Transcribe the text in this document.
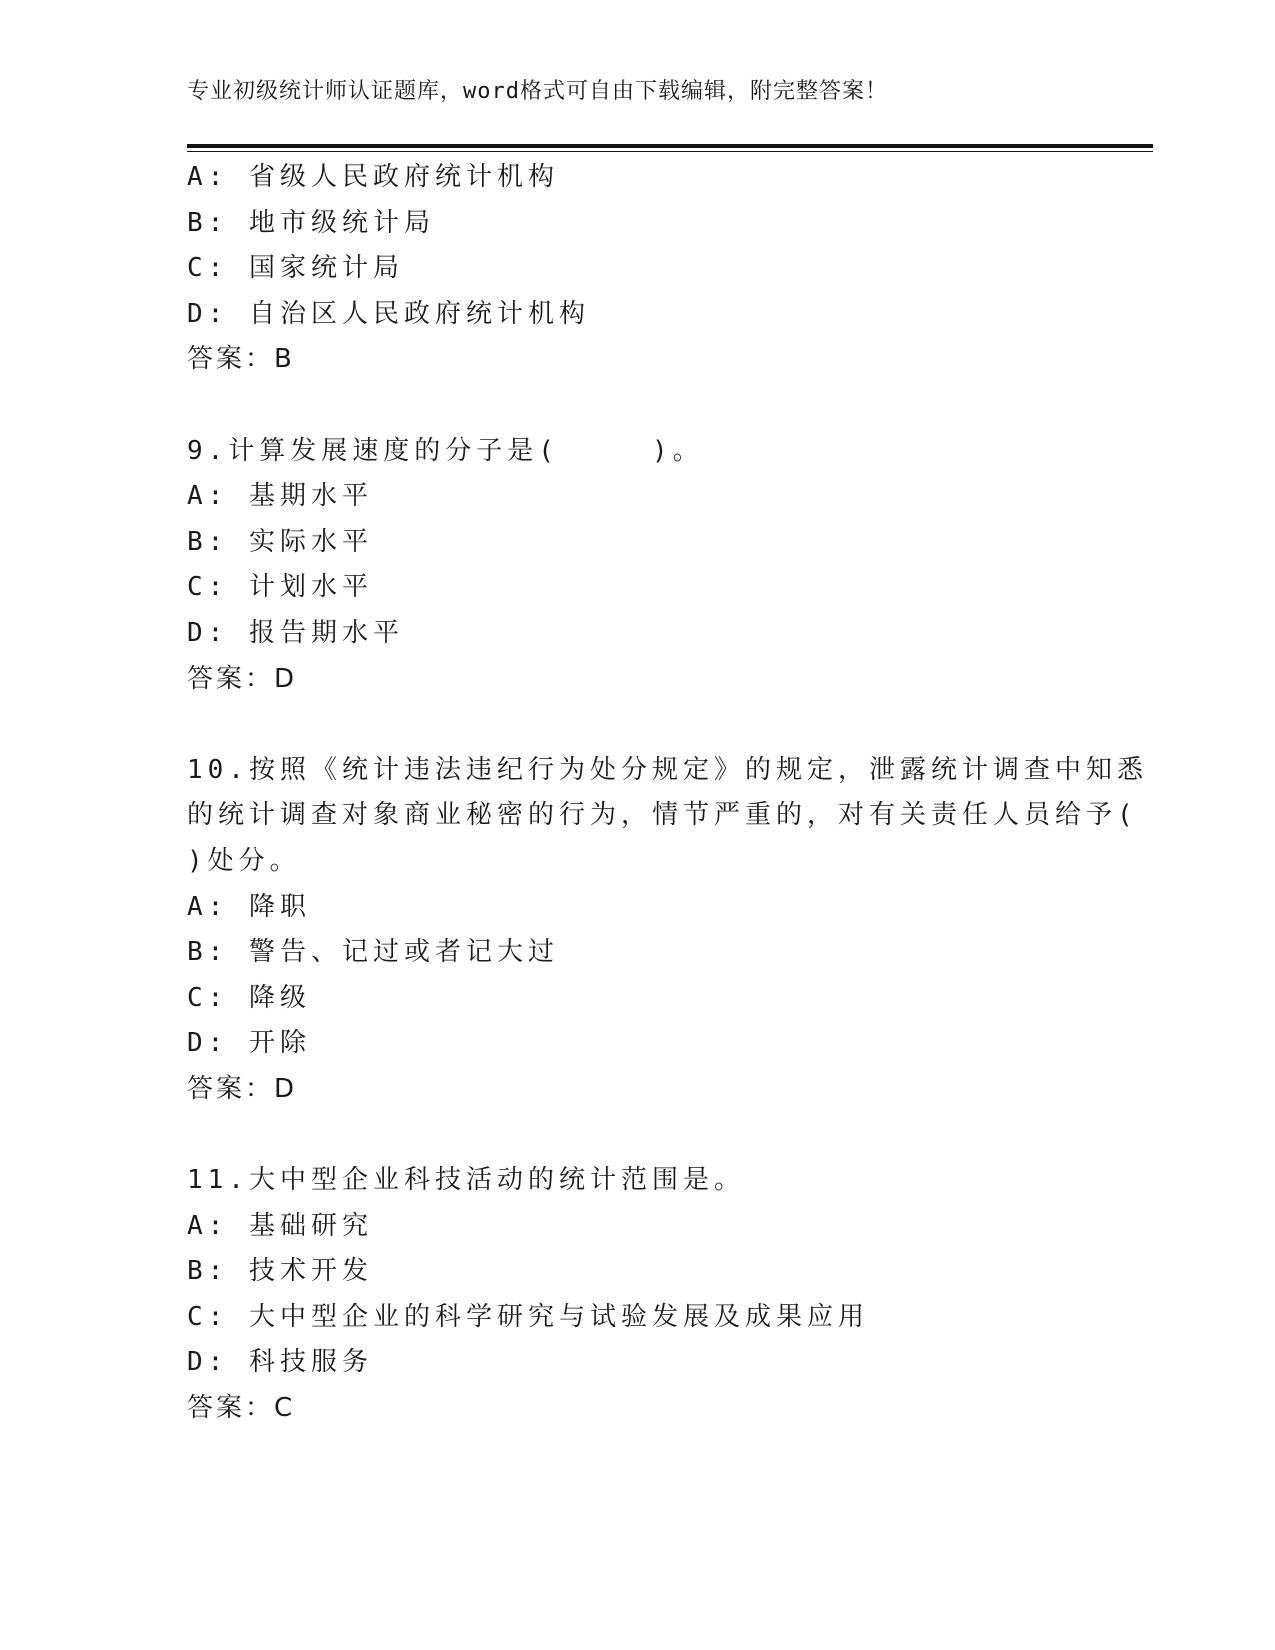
专业初级统计师认证题库，word格式可自由下载编辑，附完整答案！
A: 省级人民政府统计机构
B: 地市级统计局
C: 国家统计局
D: 自治区人民政府统计机构
答案：B
9.计算发展速度的分子是(　　　)。
A: 基期水平
B: 实际水平
C: 计划水平
D: 报告期水平
答案：D
10.按照《统计违法违纪行为处分规定》的规定，泄露统计调查中知悉
的统计调查对象商业秘密的行为，情节严重的，对有关责任人员给予(
)处分。
A: 降职
B: 警告、记过或者记大过
C: 降级
D: 开除
答案：D
11.大中型企业科技活动的统计范围是。
A: 基础研究
B: 技术开发
C: 大中型企业的科学研究与试验发展及成果应用
D: 科技服务
答案：C
